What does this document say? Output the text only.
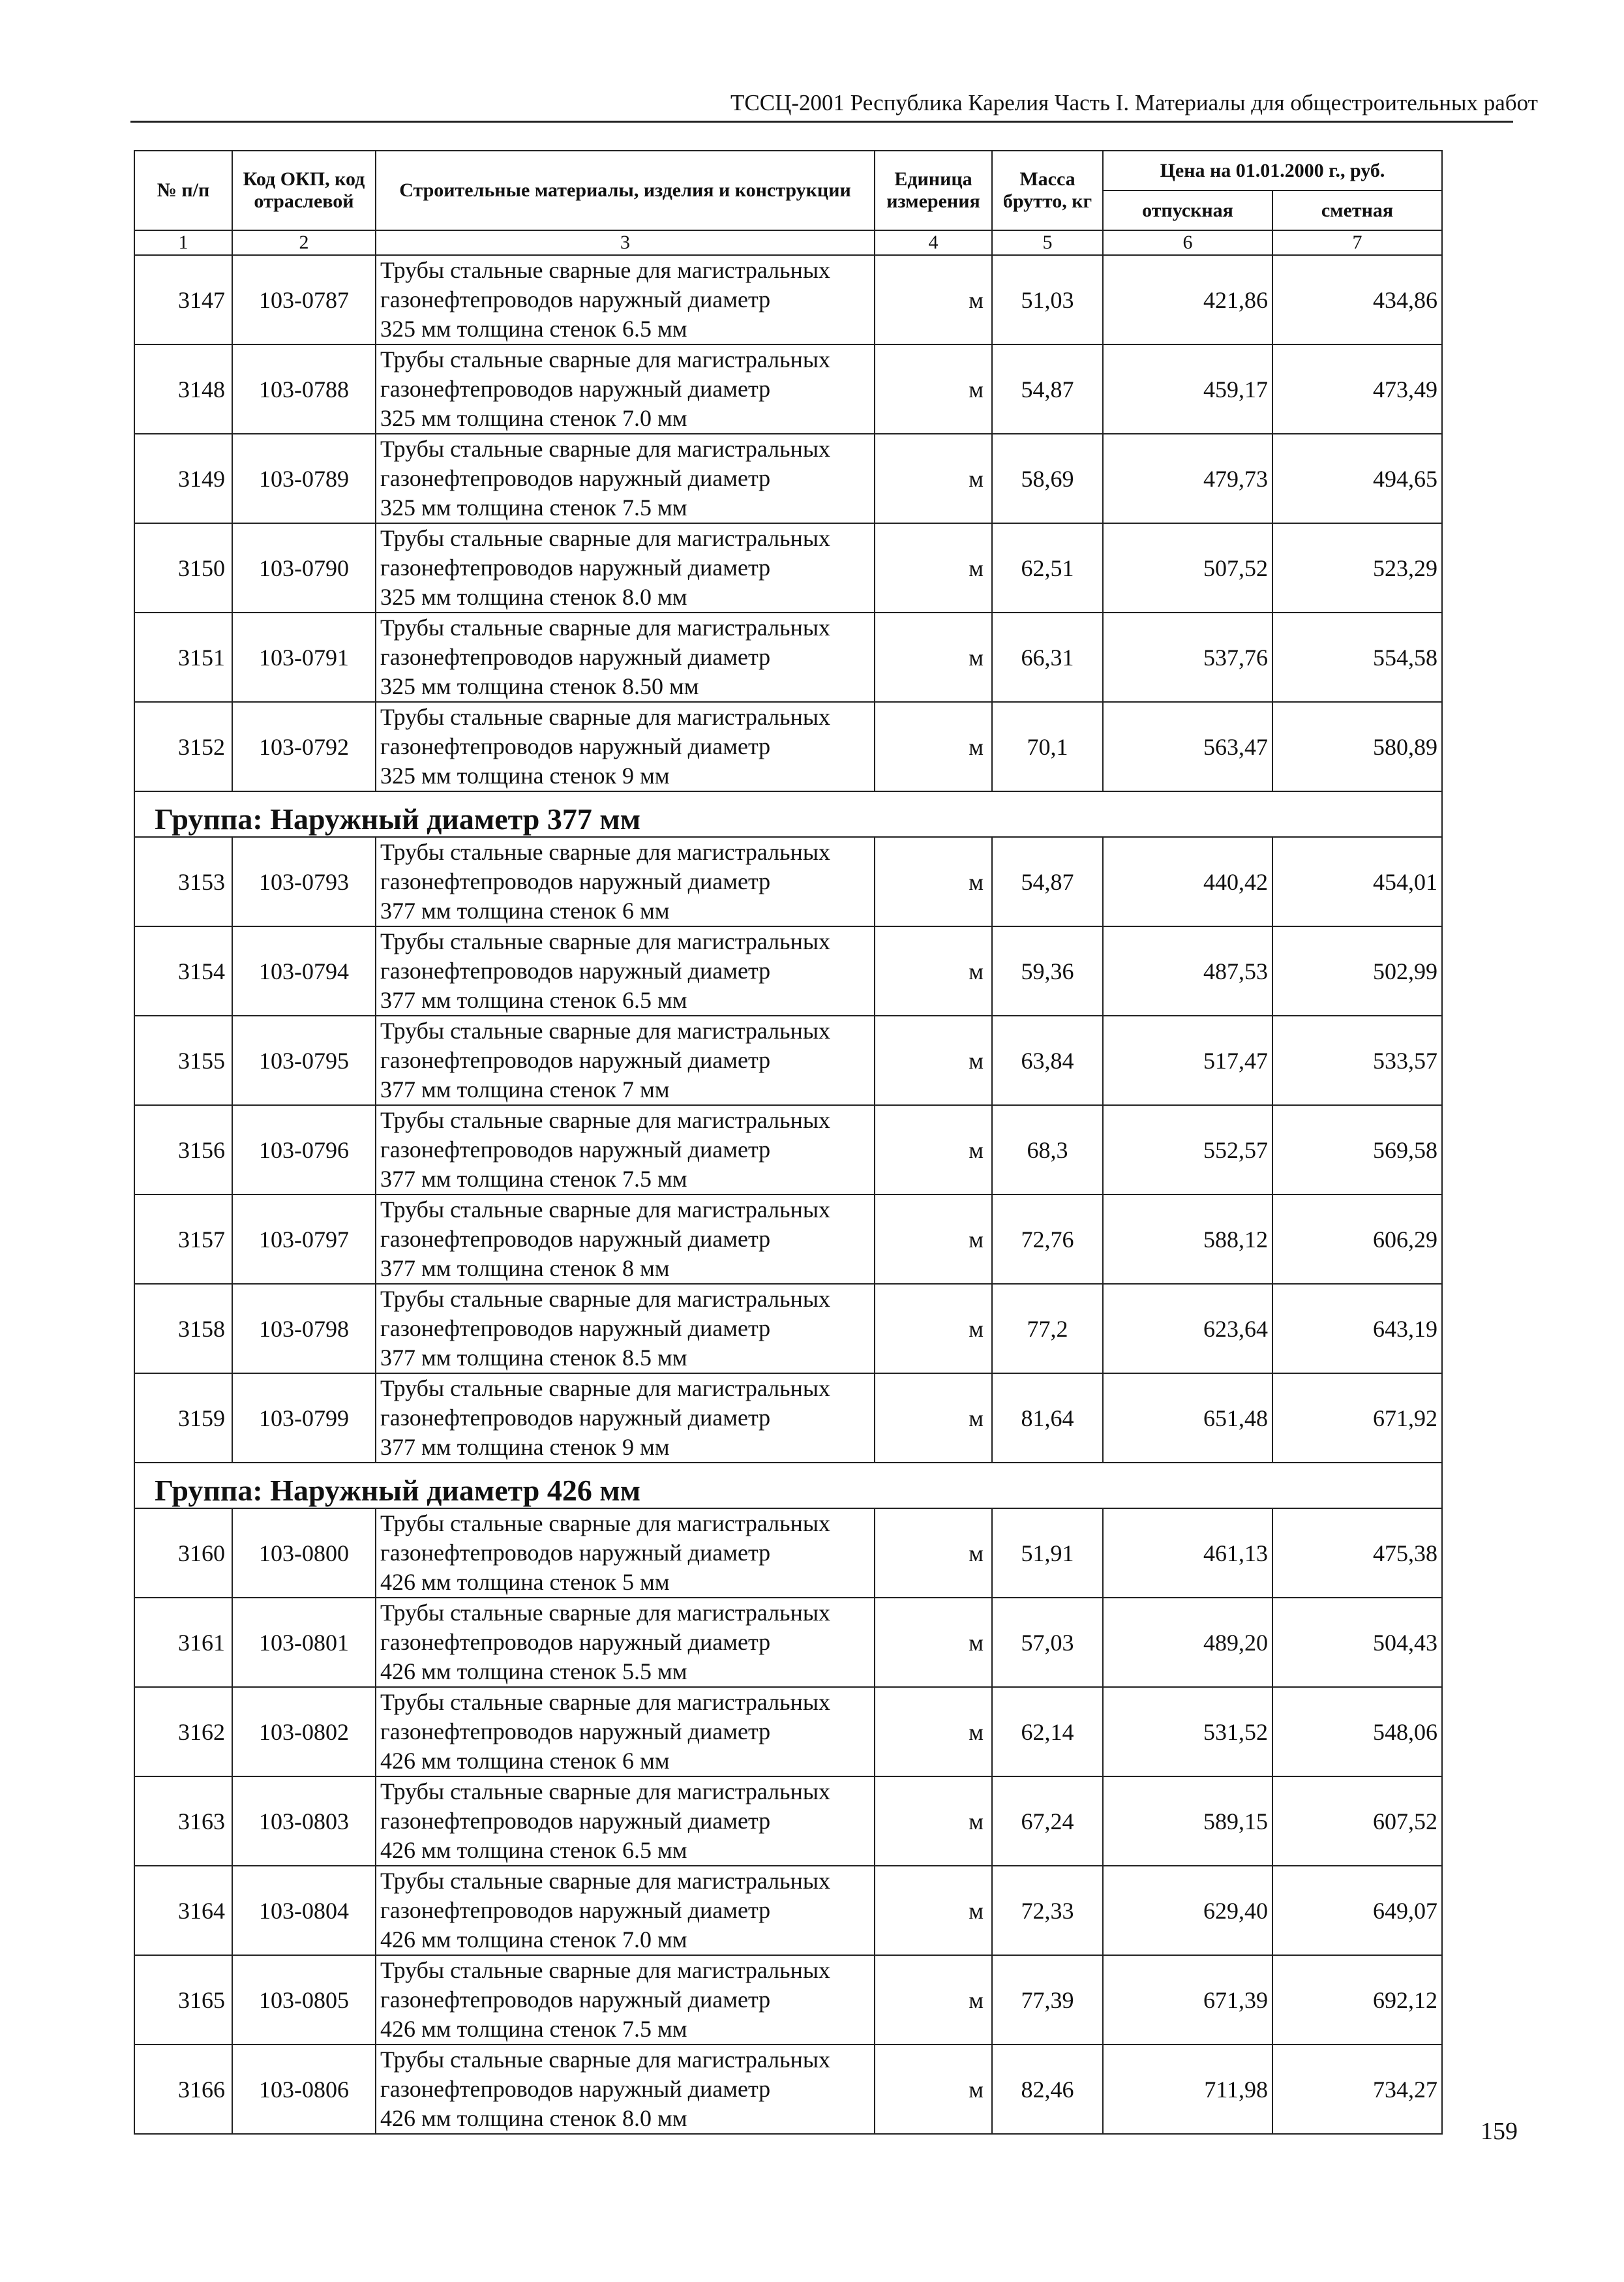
ТССЦ-2001 Республика Карелия Часть I. Материалы для общестроительных работ
№ п/п	Код ОКП, код отраслевой	Строительные материалы, изделия и конструкции	Единица измерения	Масса брутто, кг	Цена на 01.01.2000 г., руб.	
					отпускная	сметная
1	2	3	4	5	6	7
3147	103-0787	Трубы стальные сварные для магистральных
газонефтепроводов наружный диаметр
325 мм толщина стенок 6.5 мм	м	51,03	421,86	434,86
3148	103-0788	Трубы стальные сварные для магистральных
газонефтепроводов наружный диаметр
325 мм толщина стенок 7.0 мм	м	54,87	459,17	473,49
3149	103-0789	Трубы стальные сварные для магистральных
газонефтепроводов наружный диаметр
325 мм толщина стенок 7.5 мм	м	58,69	479,73	494,65
3150	103-0790	Трубы стальные сварные для магистральных
газонефтепроводов наружный диаметр
325 мм толщина стенок 8.0 мм	м	62,51	507,52	523,29
3151	103-0791	Трубы стальные сварные для магистральных
газонефтепроводов наружный диаметр
325 мм толщина стенок 8.50 мм	м	66,31	537,76	554,58
3152	103-0792	Трубы стальные сварные для магистральных
газонефтепроводов наружный диаметр
325 мм толщина стенок 9 мм	м	70,1	563,47	580,89
Группа: Наружный диаметр 377 мм						
3153	103-0793	Трубы стальные сварные для магистральных
газонефтепроводов наружный диаметр
377 мм толщина стенок 6 мм	м	54,87	440,42	454,01
3154	103-0794	Трубы стальные сварные для магистральных
газонефтепроводов наружный диаметр
377 мм толщина стенок 6.5 мм	м	59,36	487,53	502,99
3155	103-0795	Трубы стальные сварные для магистральных
газонефтепроводов наружный диаметр
377 мм толщина стенок 7 мм	м	63,84	517,47	533,57
3156	103-0796	Трубы стальные сварные для магистральных
газонефтепроводов наружный диаметр
377 мм толщина стенок 7.5 мм	м	68,3	552,57	569,58
3157	103-0797	Трубы стальные сварные для магистральных
газонефтепроводов наружный диаметр
377 мм толщина стенок 8 мм	м	72,76	588,12	606,29
3158	103-0798	Трубы стальные сварные для магистральных
газонефтепроводов наружный диаметр
377 мм толщина стенок 8.5 мм	м	77,2	623,64	643,19
3159	103-0799	Трубы стальные сварные для магистральных
газонефтепроводов наружный диаметр
377 мм толщина стенок 9 мм	м	81,64	651,48	671,92
Группа: Наружный диаметр 426 мм						
3160	103-0800	Трубы стальные сварные для магистральных
газонефтепроводов наружный диаметр
426 мм толщина стенок 5 мм	м	51,91	461,13	475,38
3161	103-0801	Трубы стальные сварные для магистральных
газонефтепроводов наружный диаметр
426 мм толщина стенок 5.5 мм	м	57,03	489,20	504,43
3162	103-0802	Трубы стальные сварные для магистральных
газонефтепроводов наружный диаметр
426 мм толщина стенок 6 мм	м	62,14	531,52	548,06
3163	103-0803	Трубы стальные сварные для магистральных
газонефтепроводов наружный диаметр
426 мм толщина стенок 6.5 мм	м	67,24	589,15	607,52
3164	103-0804	Трубы стальные сварные для магистральных
газонефтепроводов наружный диаметр
426 мм толщина стенок 7.0 мм	м	72,33	629,40	649,07
3165	103-0805	Трубы стальные сварные для магистральных
газонефтепроводов наружный диаметр
426 мм толщина стенок 7.5 мм	м	77,39	671,39	692,12
3166	103-0806	Трубы стальные сварные для магистральных
газонефтепроводов наружный диаметр
426 мм толщина стенок 8.0 мм	м	82,46	711,98	734,27
159
